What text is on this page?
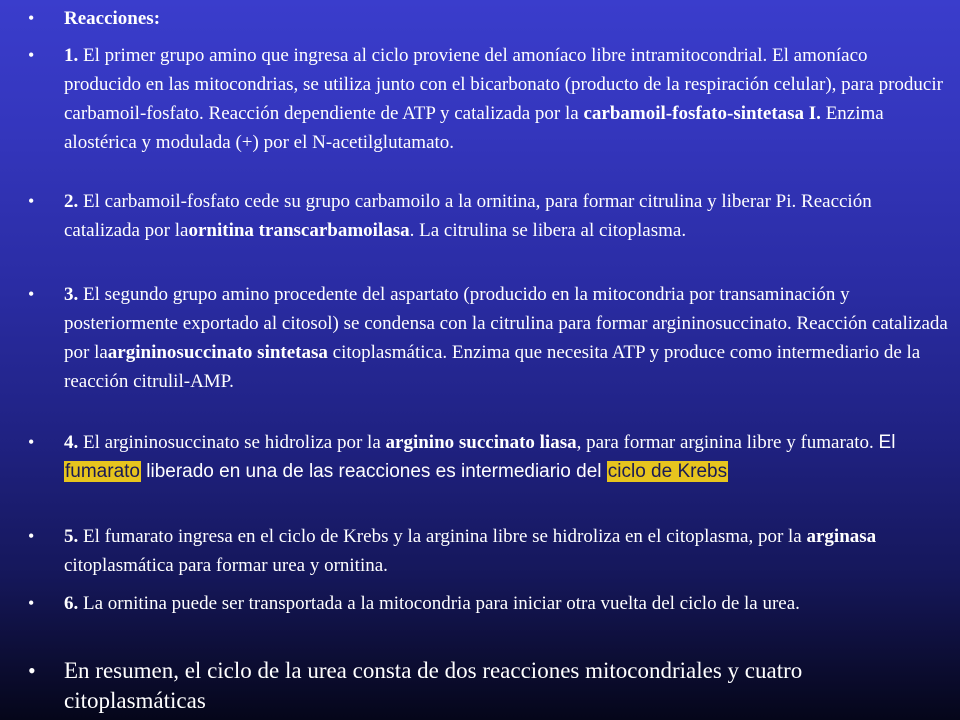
• Reacciones:
• 1. El primer grupo amino que ingresa al ciclo proviene del amoníaco libre intramitocondrial. El amoníaco producido en las mitocondrias, se utiliza junto con el bicarbonato (producto de la respiración celular), para producir carbamoil-fosfato. Reacción dependiente de ATP y catalizada por la carbamoil-fosfato-sintetasa I. Enzima alostérica y modulada (+) por el N-acetilglutamato.
• 2. El carbamoil-fosfato cede su grupo carbamoilo a la ornitina, para formar citrulina y liberar Pi. Reacción catalizada por laornitina transcarbamoilasa. La citrulina se libera al citoplasma.
• 3. El segundo grupo amino procedente del aspartato (producido en la mitocondria por transaminación y posteriormente exportado al citosol) se condensa con la citrulina para formar argininosuccinato. Reacción catalizada por laargininosuccinato sintetasa citoplasmática. Enzima que necesita ATP y produce como intermediario de la reacción citrulil-AMP.
• 4. El argininosuccinato se hidroliza por la arginino succinato liasa, para formar arginina libre y fumarato. El fumarato liberado en una de las reacciones es intermediario del ciclo de Krebs
• 5. El fumarato ingresa en el ciclo de Krebs y la arginina libre se hidroliza en el citoplasma, por la arginasa citoplasmática para formar urea y ornitina.
• 6. La ornitina puede ser transportada a la mitocondria para iniciar otra vuelta del ciclo de la urea.
• En resumen, el ciclo de la urea consta de dos reacciones mitocondriales y cuatro citoplasmáticas
